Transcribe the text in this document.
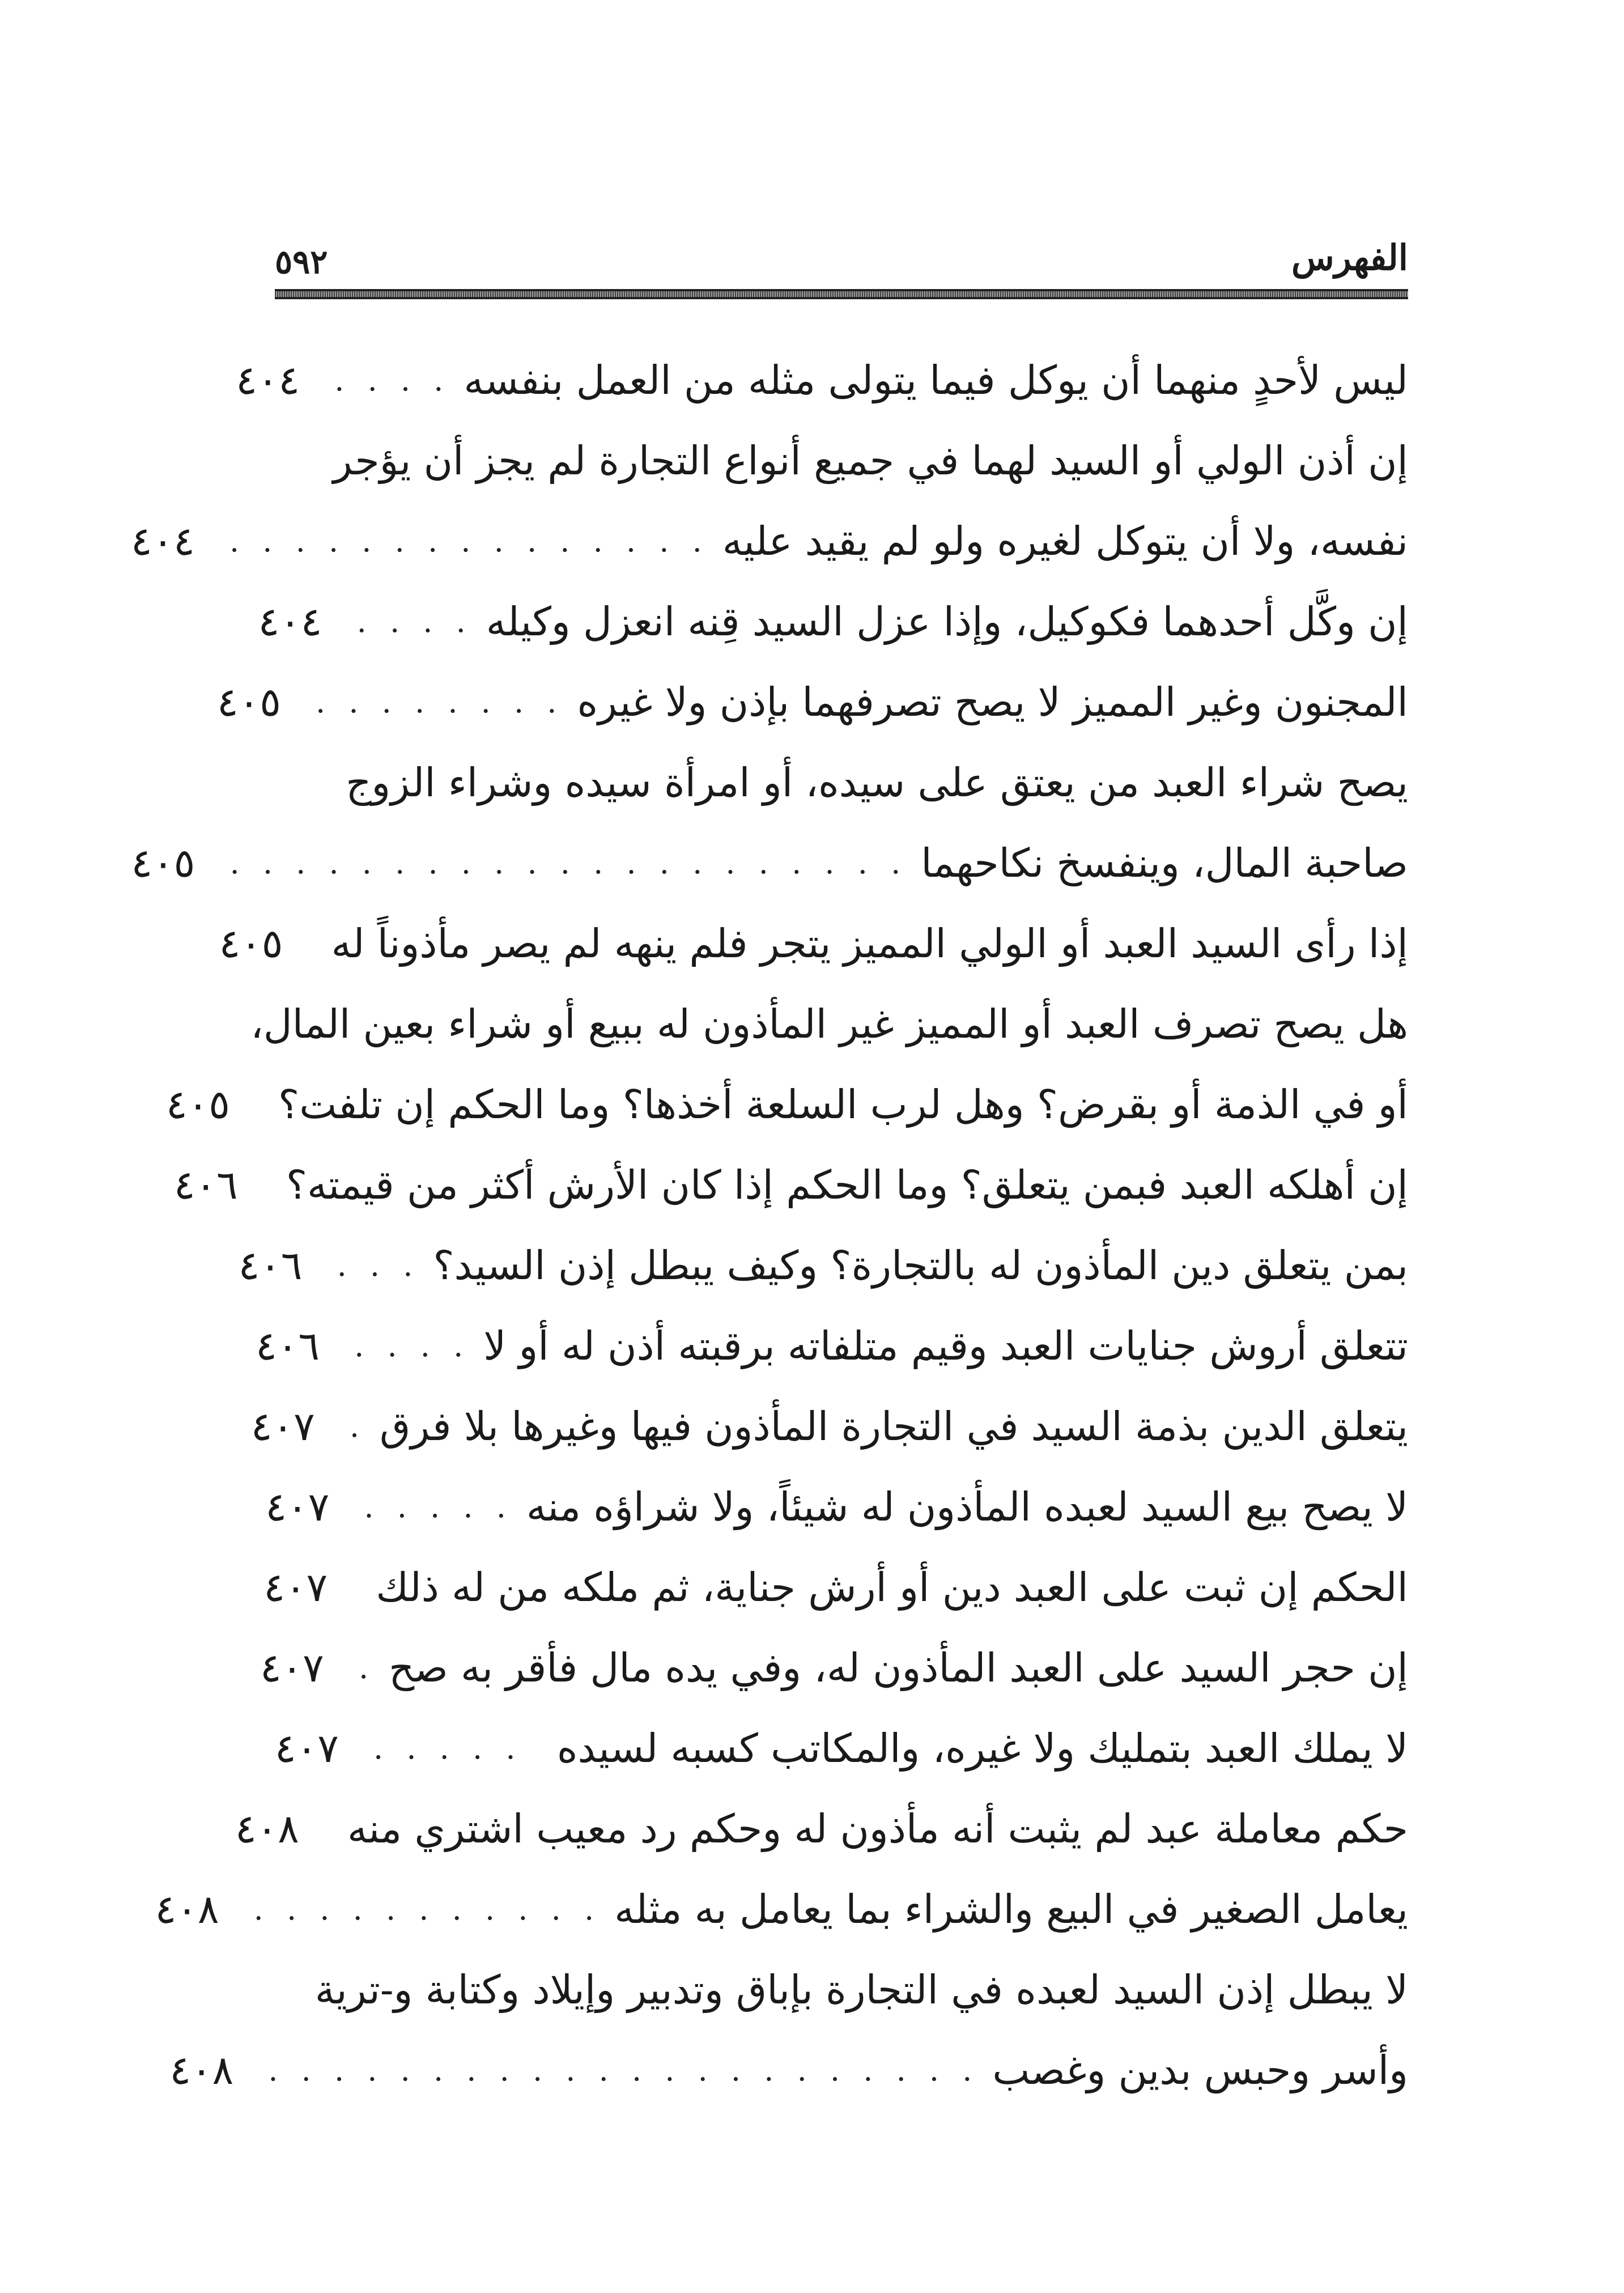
الفهرس
٥٩٢
ليس لأحدٍ منهما أن يوكل فيما يتولى مثله من العمل بنفسه
. . . .
٤٠٤
إن أذن الولي أو السيد لهما في جميع أنواع التجارة لم يجز أن يؤجر
نفسه، ولا أن يتوكل لغيره ولو لم يقيد عليه
. . . . . . . . . . . . . . .
٤٠٤
إن وكَّل أحدهما فكوكيل، وإذا عزل السيد قِنه انعزل وكيله
. . . .
٤٠٤
المجنون وغير المميز لا يصح تصرفهما بإذن ولا غيره
. . . . . . . .
٤٠٥
يصح شراء العبد من يعتق على سيده، أو امرأة سيده وشراء الزوج
صاحبة المال، وينفسخ نكاحهما
. . . . . . . . . . . . . . . . . . . . .
٤٠٥
إذا رأى السيد العبد أو الولي المميز يتجر فلم ينهه لم يصر مأذوناً له
٤٠٥
هل يصح تصرف العبد أو المميز غير المأذون له ببيع أو شراء بعين المال،
أو في الذمة أو بقرض؟ وهل لرب السلعة أخذها؟ وما الحكم إن تلفت؟
٤٠٥
إن أهلكه العبد فبمن يتعلق؟ وما الحكم إذا كان الأرش أكثر من قيمته؟
٤٠٦
بمن يتعلق دين المأذون له بالتجارة؟ وكيف يبطل إذن السيد؟
. . .
٤٠٦
تتعلق أروش جنايات العبد وقيم متلفاته برقبته أذن له أو لا
. . . .
٤٠٦
يتعلق الدين بذمة السيد في التجارة المأذون فيها وغيرها بلا فرق
.
٤٠٧
لا يصح بيع السيد لعبده المأذون له شيئاً، ولا شراؤه منه
. . . . .
٤٠٧
الحكم إن ثبت على العبد دين أو أرش جناية، ثم ملكه من له ذلك
٤٠٧
إن حجر السيد على العبد المأذون له، وفي يده مال فأقر به صح
.
٤٠٧
لا يملك العبد بتمليك ولا غيره، والمكاتب كسبه لسيده
. . . . .
٤٠٧
حكم معاملة عبد لم يثبت أنه مأذون له وحكم رد معيب اشتري منه
٤٠٨
يعامل الصغير في البيع والشراء بما يعامل به مثله
. . . . . . . . . . .
٤٠٨
لا يبطل إذن السيد لعبده في التجارة بإباق وتدبير وإيلاد وكتابة و-ترية
وأسر وحبس بدين وغصب
. . . . . . . . . . . . . . . . . . . . . .
٤٠٨
